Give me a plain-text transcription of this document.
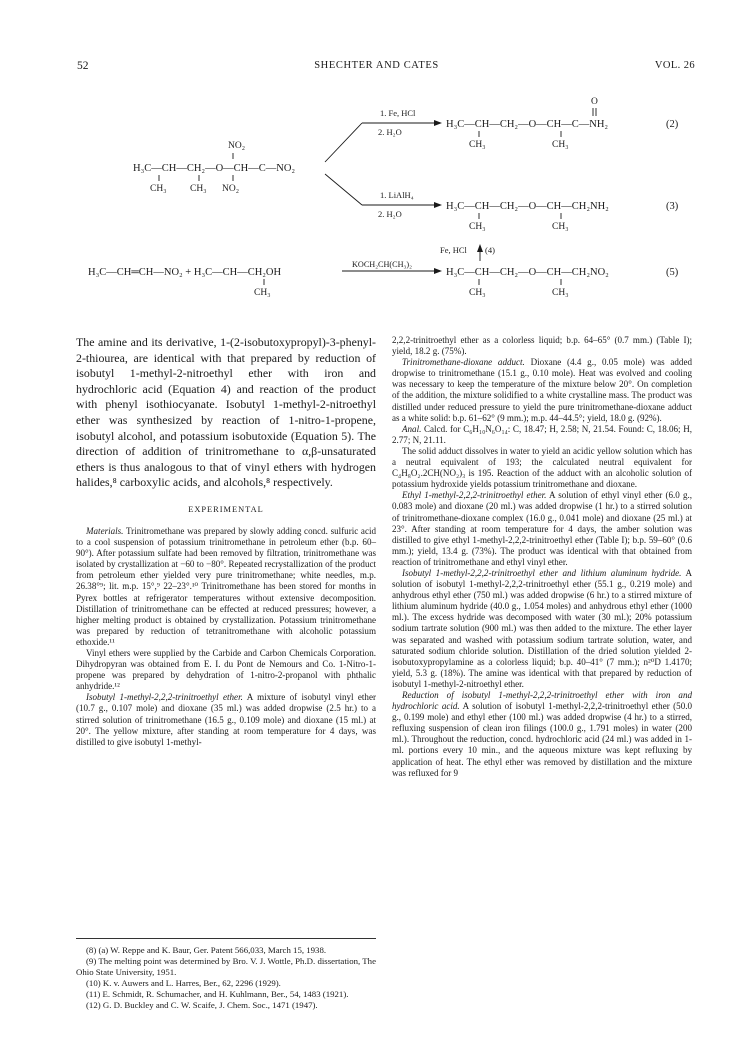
52	SHECHTER AND CATES	VOL. 26
NO₂
H₃C—CH—CH₂—O—CH—C—NO₂
CH₃ CH₃ NO₂
1. Fe, HCl
2. H₂O
1. LiAlH₄
2. H₂O
O
H₃C—CH—CH₂—O—CH—C—NH₂
CH₃	CH₃
(2)
H₃C—CH—CH₂—O—CH—CH₂NH₂
CH₃	CH₃
(3)
Fe, HCl (4)
H₃C—CH═CH—NO₂ + H₃C—CH—CH₂OH
CH₃
KOCH₂CH(CH₃)₂
H₃C—CH—CH₂—O—CH—CH₂NO₂
CH₃	CH₃
(5)

The amine and its derivative, 1-(2-isobutoxypropyl)-3-phenyl-2-thiourea, are identical with that prepared by reduction of isobutyl 1-methyl-2-nitroethyl ether with iron and hydrochloric acid (Equation 4) and reaction of the product with phenyl isothiocyanate. Isobutyl 1-methyl-2-nitroethyl ether was synthesized by reaction of 1-nitro-1-propene, isobutyl alcohol, and potassium isobutoxide (Equation 5). The direction of addition of trinitromethane to α,β-unsaturated ethers is thus analogous to that of vinyl ethers with hydrogen halides,⁸ carboxylic acids, and alcohols,⁸ respectively.

EXPERIMENTAL

Materials. Trinitromethane was prepared by slowly adding concd. sulfuric acid to a cool suspension of potassium trinitromethane in petroleum ether (b.p. 60–90°). After potassium sulfate had been removed by filtration, trinitromethane was isolated by crystallization at −60 to −80°. Repeated recrystallization of the product from petroleum ether yielded very pure trinitromethane; white needles, m.p. 26.38°⁹; lit. m.p. 15°,⁹ 22–23°.¹⁰ Trinitromethane has been stored for months in Pyrex bottles at refrigerator temperatures without extensive decomposition. Distillation of trinitromethane can be effected at reduced pressures; however, a higher melting product is obtained by crystallization. Potassium trinitromethane was prepared by reduction of tetranitromethane with alcoholic potassium ethoxide.¹¹

Vinyl ethers were supplied by the Carbide and Carbon Chemicals Corporation. Dihydropyran was obtained from E. I. du Pont de Nemours and Co. 1-Nitro-1-propene was prepared by dehydration of 1-nitro-2-propanol with phthalic anhydride.¹²

Isobutyl 1-methyl-2,2,2-trinitroethyl ether. A mixture of isobutyl vinyl ether (10.7 g., 0.107 mole) and dioxane (35 ml.) was added dropwise (2.5 hr.) to a stirred solution of trinitromethane (16.5 g., 0.109 mole) and dioxane (15 ml.) at 20°. The yellow mixture, after standing at room temperature for 4 days, was distilled to give isobutyl 1-methyl-

(8) (a) W. Reppe and K. Baur, Ger. Patent 566,033, March 15, 1938.

(9) The melting point was determined by Bro. V. J. Wottle, Ph.D. dissertation, The Ohio State University, 1951.

(10) K. v. Auwers and L. Harres, Ber., 62, 2296 (1929).

(11) E. Schmidt, R. Schumacher, and H. Kuhlmann, Ber., 54, 1483 (1921).

(12) G. D. Buckley and C. W. Scaife, J. Chem. Soc., 1471 (1947).

2,2,2-trinitroethyl ether as a colorless liquid; b.p. 64–65° (0.7 mm.) (Table I); yield, 18.2 g. (75%).

Trinitromethane-dioxane adduct. Dioxane (4.4 g., 0.05 mole) was added dropwise to trinitromethane (15.1 g., 0.10 mole). Heat was evolved and cooling was necessary to keep the temperature of the mixture below 20°. On completion of the addition, the mixture solidified to a white crystalline mass. The product was distilled under reduced pressure to yield the pure trinitromethane-dioxane adduct as a white solid: b.p. 61–62° (9 mm.); m.p. 44–44.5°; yield, 18.0 g. (92%).

Anal. Calcd. for C₆H₁₀N₆O₁₄: C, 18.47; H, 2.58; N, 21.54. Found: C, 18.06; H, 2.77; N, 21.11.

The solid adduct dissolves in water to yield an acidic yellow solution which has a neutral equivalent of 193; the calculated neutral equivalent for C₄H₈O₂.2CH(NO₂)₃ is 195. Reaction of the adduct with an alcoholic solution of potassium hydroxide yields potassium trinitromethane and dioxane.

Ethyl 1-methyl-2,2,2-trinitroethyl ether. A solution of ethyl vinyl ether (6.0 g., 0.083 mole) and dioxane (20 ml.) was added dropwise (1 hr.) to a stirred solution of trinitromethane-dioxane complex (16.0 g., 0.041 mole) and dioxane (25 ml.) at 23°. After standing at room temperature for 4 days, the amber solution was distilled to give ethyl 1-methyl-2,2,2-trinitroethyl ether (Table I); b.p. 59–60° (0.6 mm.); yield, 13.4 g. (73%). The product was identical with that obtained from reaction of trinitromethane and ethyl vinyl ether.

Isobutyl 1-methyl-2,2,2-trinitroethyl ether and lithium aluminum hydride. A solution of isobutyl 1-methyl-2,2,2-trinitroethyl ether (55.1 g., 0.219 mole) and anhydrous ethyl ether (750 ml.) was added dropwise (6 hr.) to a stirred mixture of lithium aluminum hydride (40.0 g., 1.054 moles) and anhydrous ethyl ether (1000 ml.). The excess hydride was decomposed with water (30 ml.); 20% potassium sodium tartrate solution (900 ml.) was then added to the mixture. The ether layer was separated and washed with potassium sodium tartrate solution, water, and saturated sodium chloride solution. Distillation of the dried solution yielded 2-isobutoxypropylamine as a colorless liquid; b.p. 40–41° (7 mm.); n²⁰D 1.4170; yield, 5.3 g. (18%). The amine was identical with that prepared by reduction of isobutyl 1-methyl-2-nitroethyl ether.

Reduction of isobutyl 1-methyl-2,2,2-trinitroethyl ether with iron and hydrochloric acid. A solution of isobutyl 1-methyl-2,2,2-trinitroethyl ether (50.0 g., 0.199 mole) and ethyl ether (100 ml.) was added dropwise (4 hr.) to a stirred, refluxing suspension of clean iron filings (100.0 g., 1.791 moles) in water (200 ml.). Throughout the reduction, concd. hydrochloric acid (24 ml.) was added in 1-ml. portions every 10 min., and the aqueous mixture was kept refluxing by application of heat. The ethyl ether was removed by distillation and the mixture was refluxed for 9
